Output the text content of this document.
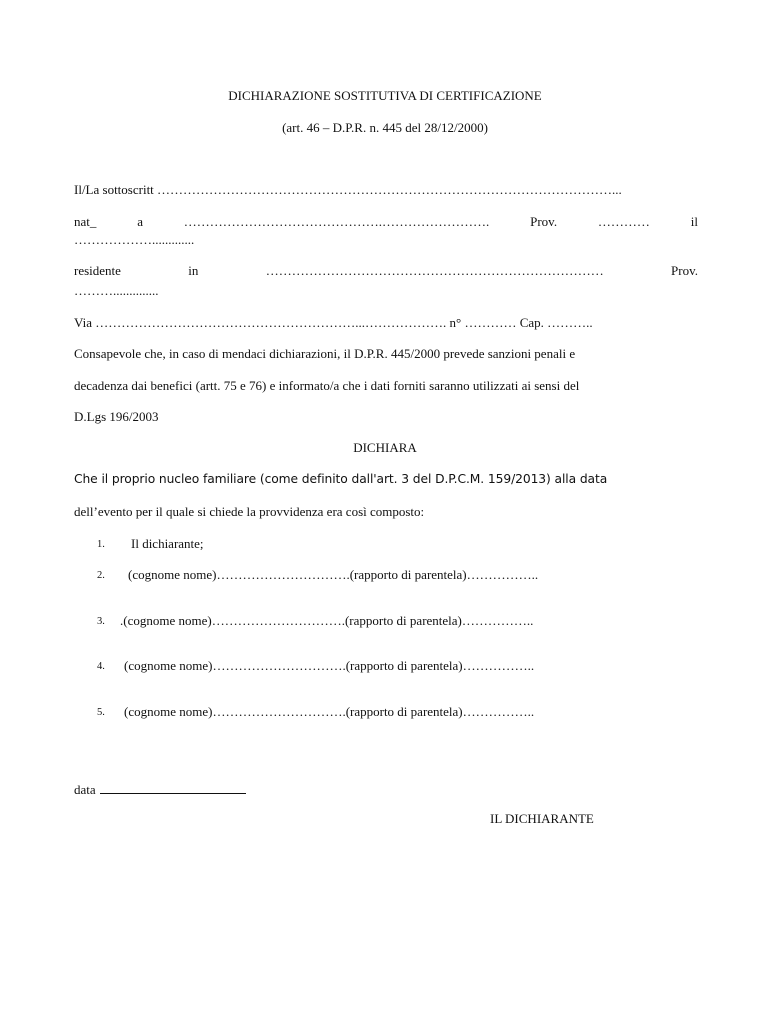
DICHIARAZIONE SOSTITUTIVA DI CERTIFICAZIONE
(art. 46 – D.P.R. n. 445 del 28/12/2000)
Il/La sottoscritt ……………………………………………………………………………………………...
nat_	a	……………………………………….…………………….	Prov.	…………	il
……………….............
residente	in	……………………………………………………………………	Prov.
………..............
Via ……………………………………………………...………………. n° ………… Cap. ………..
Consapevole che, in caso di mendaci dichiarazioni, il D.P.R. 445/2000 prevede sanzioni penali e
decadenza dai benefici (artt. 75 e 76) e informato/a che i dati forniti saranno utilizzati ai sensi del
D.Lgs 196/2003
DICHIARA
Che il proprio nucleo familiare (come definito dall'art. 3 del D.P.C.M. 159/2013) alla data
dell’evento per il quale si chiede la provvidenza era così composto:
1. Il dichiarante;
2. (cognome nome)………………………….(rapporto di parentela)……………..
3. .(cognome nome)………………………….(rapporto di parentela)……………..
4. (cognome nome)………………………….(rapporto di parentela)……………..
5. (cognome nome)………………………….(rapporto di parentela)……………..
data
IL DICHIARANTE
